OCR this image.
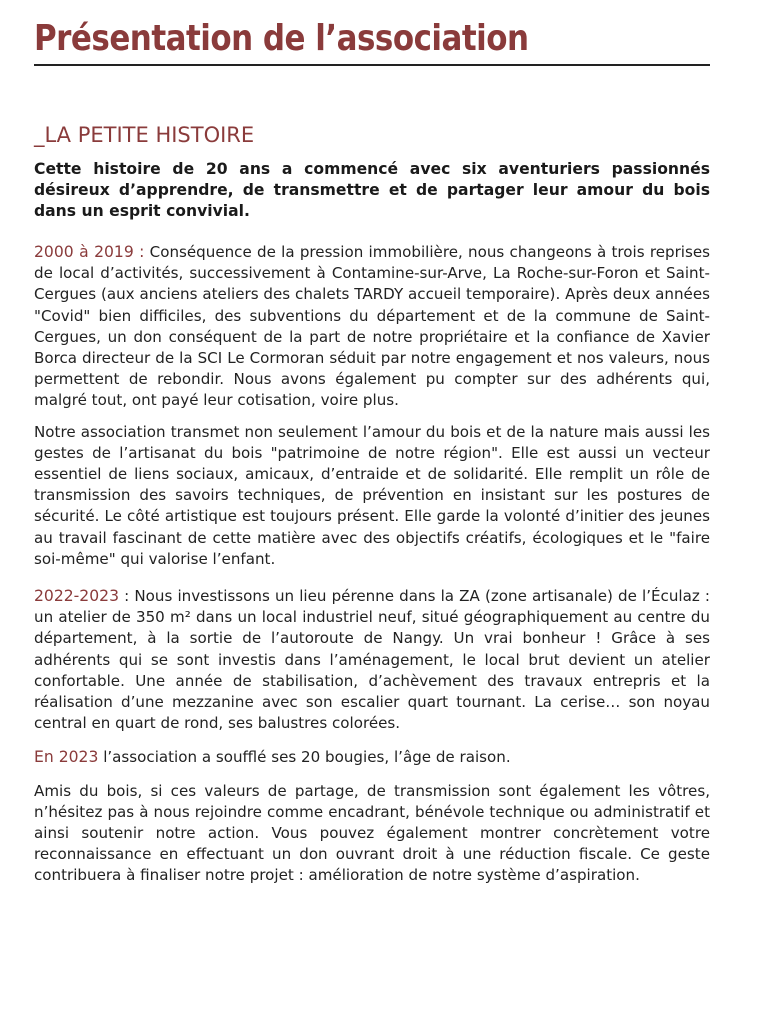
Présentation de l’association
_LA PETITE HISTOIRE

Cette histoire de 20 ans a commencé avec six aventuriers passionnés désireux d’apprendre, de transmettre et de partager leur amour du bois dans un esprit convivial.

2000 à 2019 : Conséquence de la pression immobilière, nous changeons à trois reprises de local d’activités, successivement à Contamine-sur-Arve, La Roche-sur-Foron et Saint-Cergues (aux anciens ateliers des chalets TARDY accueil temporaire). Après deux années "Covid" bien difficiles, des subventions du département et de la commune de Saint-Cergues, un don conséquent de la part de notre propriétaire et la confiance de Xavier Borca directeur de la SCI Le Cormoran séduit par notre engagement et nos valeurs, nous permettent de rebondir. Nous avons également pu compter sur des adhérents qui, malgré tout, ont payé leur cotisation, voire plus.

Notre association transmet non seulement l’amour du bois et de la nature mais aussi les gestes de l’artisanat du bois "patrimoine de notre région". Elle est aussi un vecteur essentiel de liens sociaux, amicaux, d’entraide et de solidarité. Elle remplit un rôle de transmission des savoirs techniques, de prévention en insistant sur les postures de sécurité. Le côté artistique est toujours présent. Elle garde la volonté d’initier des jeunes au travail fascinant de cette matière avec des objectifs créatifs, écologiques et le "faire soi-même" qui valorise l’enfant.

2022-2023 : Nous investissons un lieu pérenne dans la ZA (zone artisanale) de l’Éculaz : un atelier de 350 m² dans un local industriel neuf, situé géographiquement au centre du département, à la sortie de l’autoroute de Nangy. Un vrai bonheur ! Grâce à ses adhérents qui se sont investis dans l’aménagement, le local brut devient un atelier confortable. Une année de stabilisation, d’achèvement des travaux entrepris et la réalisation d’une mezzanine avec son escalier quart tournant. La cerise… son noyau central en quart de rond, ses balustres colorées.

En 2023 l’association a soufflé ses 20 bougies, l’âge de raison.

Amis du bois, si ces valeurs de partage, de transmission sont également les vôtres, n’hésitez pas à nous rejoindre comme encadrant, bénévole technique ou administratif et ainsi soutenir notre action. Vous pouvez également montrer concrètement votre reconnaissance en effectuant un don ouvrant droit à une réduction fiscale. Ce geste contribuera à finaliser notre projet : amélioration de notre système d’aspiration.
